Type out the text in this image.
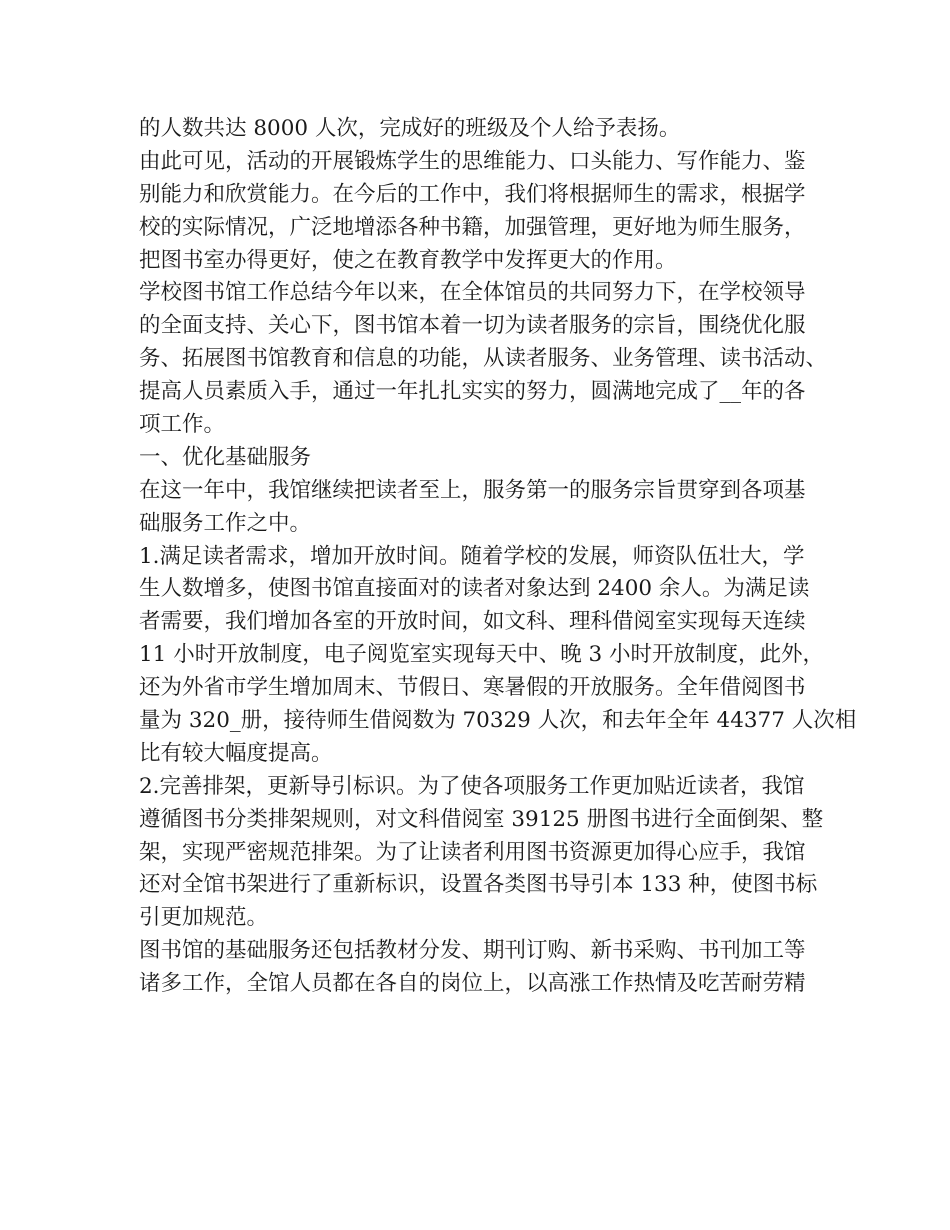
的人数共达 8000 人次，完成好的班级及个人给予表扬。
由此可见，活动的开展锻炼学生的思维能力、口头能力、写作能力、鉴
别能力和欣赏能力。在今后的工作中，我们将根据师生的需求，根据学
校的实际情况，广泛地增添各种书籍，加强管理，更好地为师生服务，
把图书室办得更好，使之在教育教学中发挥更大的作用。
学校图书馆工作总结今年以来，在全体馆员的共同努力下，在学校领导
的全面支持、关心下，图书馆本着一切为读者服务的宗旨，围绕优化服
务、拓展图书馆教育和信息的功能，从读者服务、业务管理、读书活动、
提高人员素质入手，通过一年扎扎实实的努力，圆满地完成了__年的各
项工作。
一、优化基础服务
在这一年中，我馆继续把读者至上，服务第一的服务宗旨贯穿到各项基
础服务工作之中。
1.满足读者需求，增加开放时间。随着学校的发展，师资队伍壮大，学
生人数增多，使图书馆直接面对的读者对象达到 2400 余人。为满足读
者需要，我们增加各室的开放时间，如文科、理科借阅室实现每天连续
11 小时开放制度，电子阅览室实现每天中、晚 3 小时开放制度，此外，
还为外省市学生增加周末、节假日、寒暑假的开放服务。全年借阅图书
量为 320_册，接待师生借阅数为 70329 人次，和去年全年 44377 人次相
比有较大幅度提高。
2.完善排架，更新导引标识。为了使各项服务工作更加贴近读者，我馆
遵循图书分类排架规则，对文科借阅室 39125 册图书进行全面倒架、整
架，实现严密规范排架。为了让读者利用图书资源更加得心应手，我馆
还对全馆书架进行了重新标识，设置各类图书导引本 133 种，使图书标
引更加规范。
图书馆的基础服务还包括教材分发、期刊订购、新书采购、书刊加工等
诸多工作，全馆人员都在各自的岗位上，以高涨工作热情及吃苦耐劳精
